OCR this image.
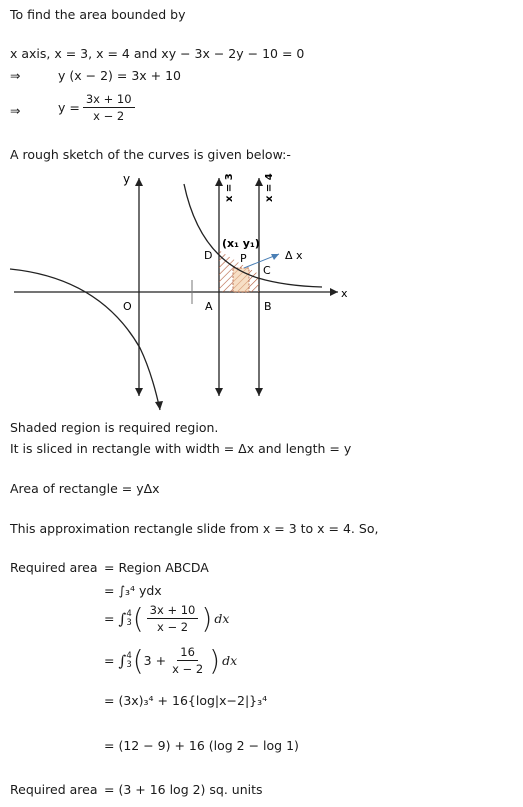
To find the area bounded by
x axis, x = 3, x = 4 and xy − 3x − 2y − 10 = 0
⇒	y (x − 2) = 3x + 10
⇒	$y = \frac{3x + 10}{x - 2}$
A rough sketch of the curves is given below:-
y
x
O	A	B
C
D	P
(x₁ y₁)
Δ x
x = 3	x = 4
Shaded region is required region.
It is sliced in rectangle with width = Δx and length = y
Area of rectangle = yΔx
This approximation rectangle slide from x = 3 to x = 4. So,
Required area = Region ABCDA
= ∫₃⁴ ydx
= ∫ 4
3 ( $\frac{3x + 10}{x - 2}$ ) dx
= ∫ 4
3 ( $3 + \frac{16}{x - 2}$ ) dx
= (3x)₃⁴ + 16{log|x−2|}₃⁴
= (12 − 9) + 16 (log 2 − log 1)
Required area = (3 + 16 log 2) sq. units
